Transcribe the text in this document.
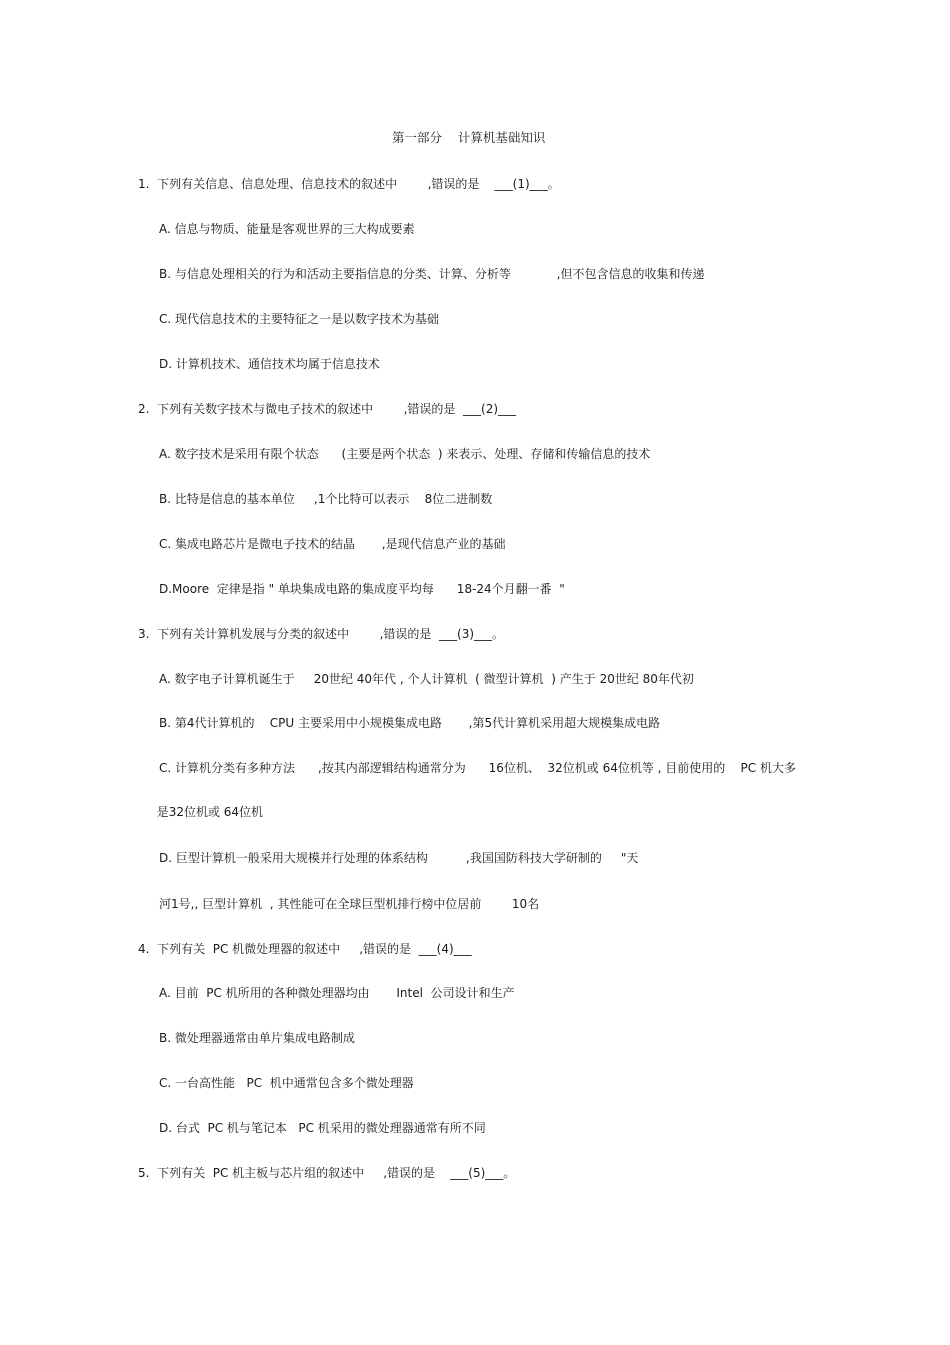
第一部分    计算机基础知识
1.  下列有关信息、信息处理、信息技术的叙述中        ,错误的是    ___(1)___。
A. 信息与物质、能量是客观世界的三大构成要素
B. 与信息处理相关的行为和活动主要指信息的分类、计算、分析等            ,但不包含信息的收集和传递
C. 现代信息技术的主要特征之一是以数字技术为基础
D. 计算机技术、通信技术均属于信息技术
2.  下列有关数字技术与微电子技术的叙述中        ,错误的是  ___(2)___
A. 数字技术是采用有限个状态      (主要是两个状态  ) 来表示、处理、存储和传输信息的技术
B. 比特是信息的基本单位     ,1个比特可以表示    8位二进制数
C. 集成电路芯片是微电子技术的结晶       ,是现代信息产业的基础
D.Moore  定律是指 " 单块集成电路的集成度平均每      18-24个月翻一番  "
3.  下列有关计算机发展与分类的叙述中        ,错误的是  ___(3)___。
A. 数字电子计算机诞生于     20世纪 40年代 , 个人计算机  ( 微型计算机  ) 产生于 20世纪 80年代初
B. 第4代计算机的    CPU 主要采用中小规模集成电路       ,第5代计算机采用超大规模集成电路
C. 计算机分类有多种方法      ,按其内部逻辑结构通常分为      16位机、  32位机或 64位机等 , 目前使用的    PC 机大多
是32位机或 64位机
D. 巨型计算机一般采用大规模并行处理的体系结构          ,我国国防科技大学研制的     "天
河1号,, 巨型计算机  , 其性能可在全球巨型机排行榜中位居前        10名
4.  下列有关  PC 机微处理器的叙述中     ,错误的是  ___(4)___
A. 目前  PC 机所用的各种微处理器均由       Intel  公司设计和生产
B. 微处理器通常由单片集成电路制成
C. 一台高性能   PC  机中通常包含多个微处理器
D. 台式  PC 机与笔记本   PC 机采用的微处理器通常有所不同
5.  下列有关  PC 机主板与芯片组的叙述中     ,错误的是    ___(5)___。
